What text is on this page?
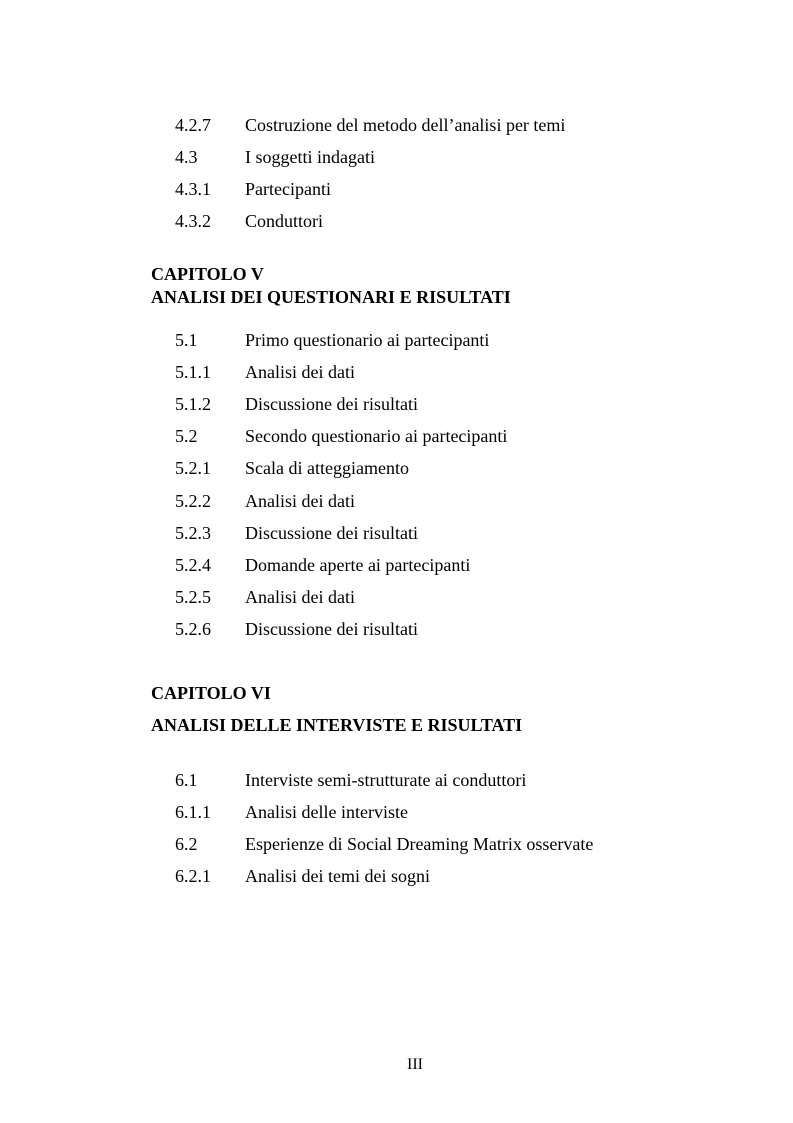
4.2.7 Costruzione del metodo dell’analisi per temi
4.3	I soggetti indagati
4.3.1 Partecipanti
4.3.2 Conduttori
CAPITOLO V
ANALISI DEI QUESTIONARI E RISULTATI
5.1	Primo questionario ai partecipanti
5.1.1 Analisi dei dati
5.1.2 Discussione dei risultati
5.2	Secondo questionario ai partecipanti
5.2.1 Scala di atteggiamento
5.2.2 Analisi dei dati
5.2.3 Discussione dei risultati
5.2.4 Domande aperte ai partecipanti
5.2.5 Analisi dei dati
5.2.6 Discussione dei risultati
CAPITOLO VI
ANALISI DELLE INTERVISTE E RISULTATI
6.1	Interviste semi-strutturate ai conduttori
6.1.1 Analisi delle interviste
6.2	Esperienze di Social Dreaming Matrix osservate
6.2.1 Analisi dei temi dei sogni
III
